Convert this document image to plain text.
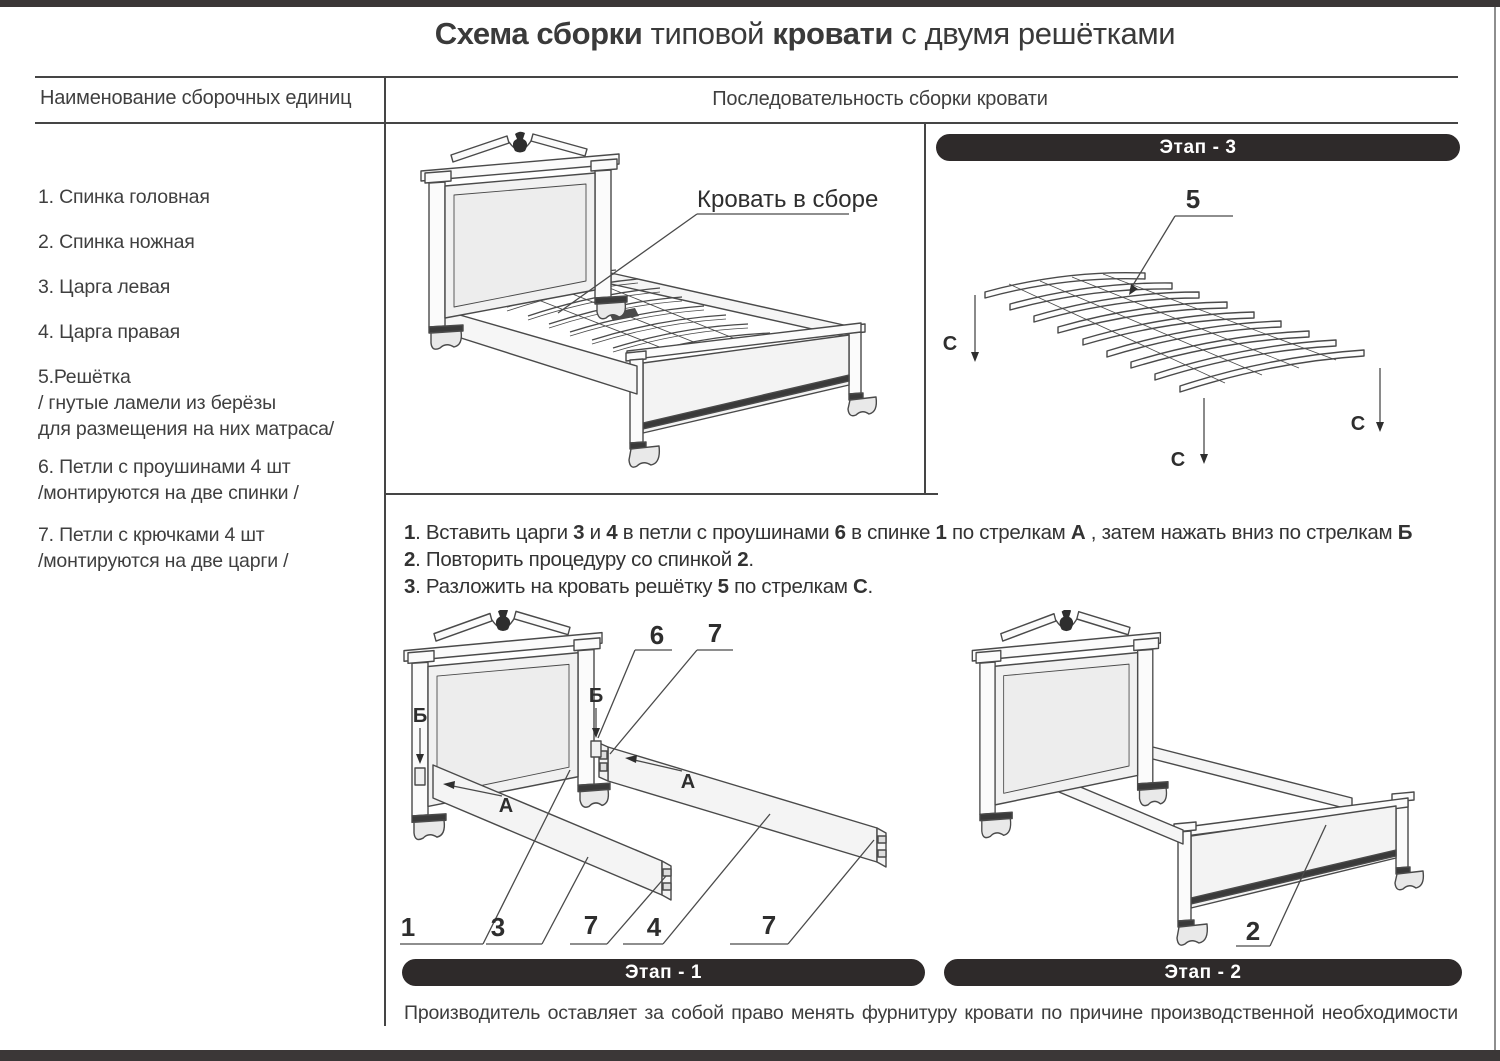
Схема сборки типовой кровати с двумя решётками
Наименование сборочных единиц	Последовательность сборки кровати
1. Спинка головная
2. Спинка ножная
3. Царга левая
4. Царга правая
5.Решётка
/ гнутые ламели из берёзы
для размещения на них матраса/
6. Петли с проушинами 4 шт
/монтируются на две спинки /
7. Петли с крючками 4 шт
/монтируются на две царги /
Кровать в сборе
Этап - 3
5
С
С
С
1. Вставить царги 3 и 4 в петли с проушинами 6 в спинке 1 по стрелкам А , затем нажать вниз по стрелкам Б
2. Повторить процедуру со спинкой 2.
3. Разложить на кровать решётку 5 по стрелкам С.
Б
Б
А
А
6 7
1	3	7 4	7	2
Этап - 1	Этап - 2
Производитель оставляет за собой право менять фурнитуру кровати по причине производственной необходимости
